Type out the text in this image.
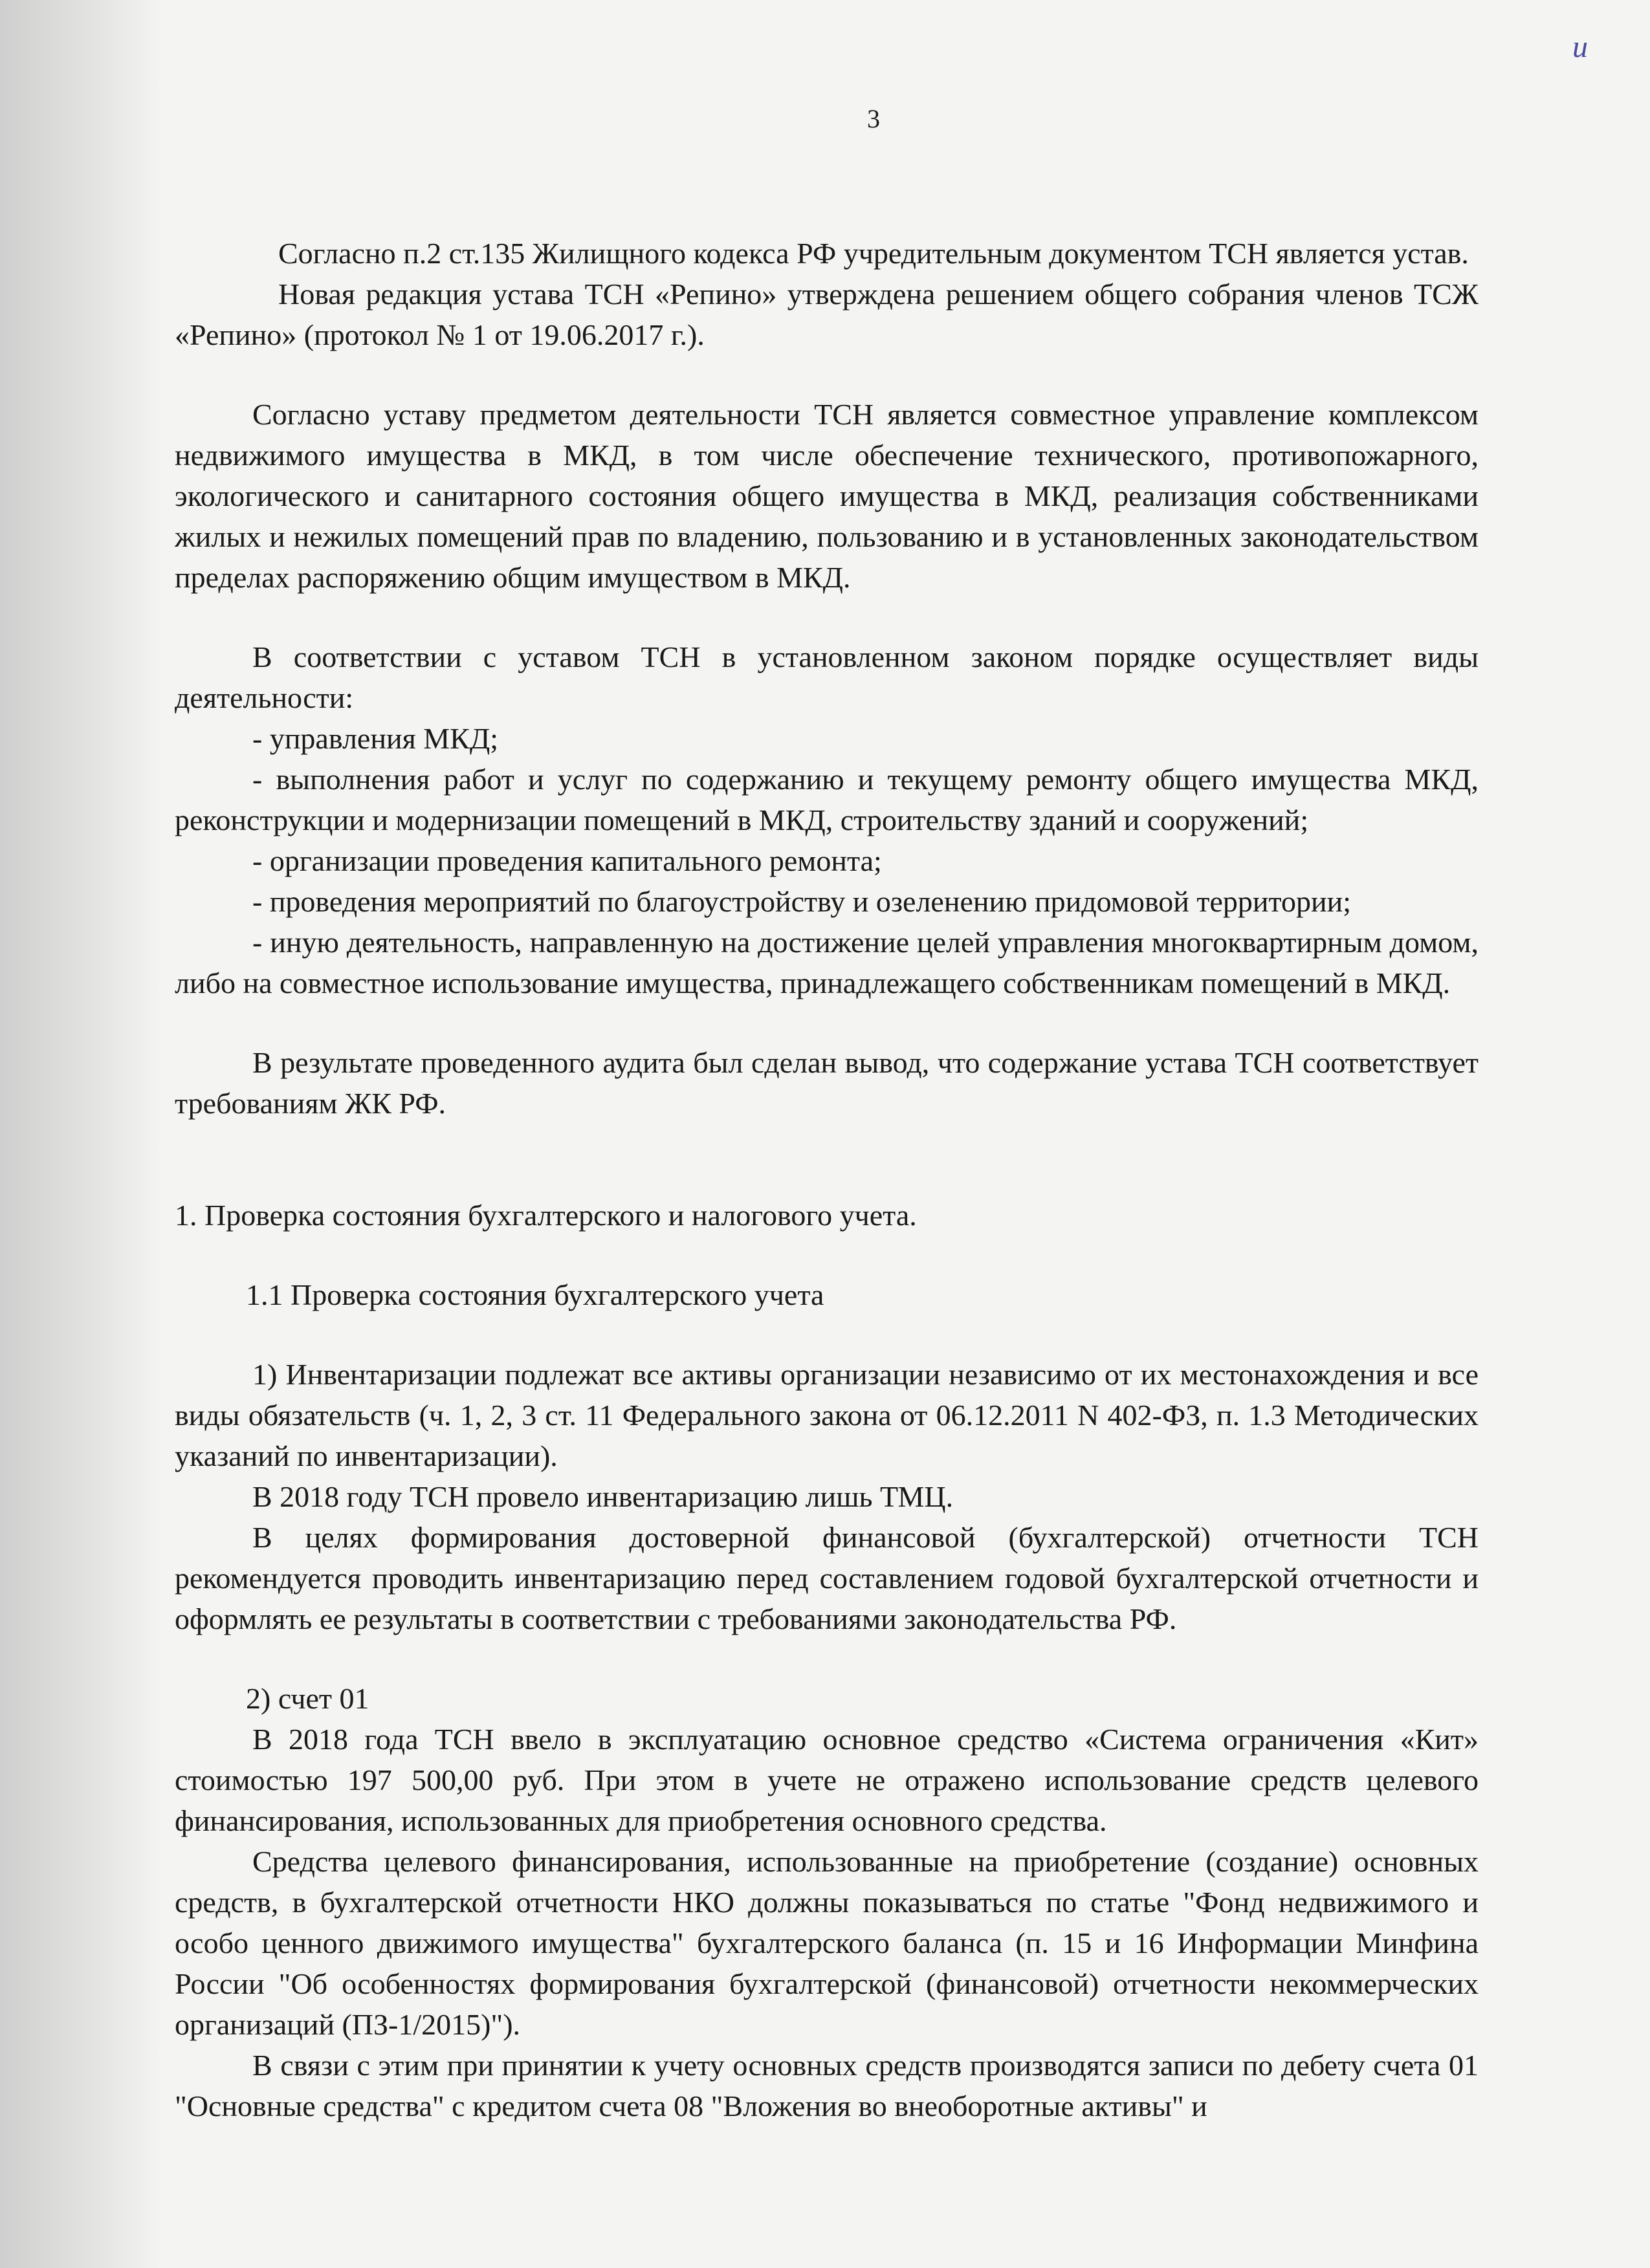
и
3

Согласно п.2 ст.135 Жилищного кодекса РФ учредительным документом ТСН является устав.

Новая редакция устава ТСН «Репино» утверждена решением общего собрания членов ТСЖ «Репино» (протокол № 1 от 19.06.2017 г.).

Согласно уставу предметом деятельности ТСН является совместное управление комплексом недвижимого имущества в МКД, в том числе обеспечение технического, противопожарного, экологического и санитарного состояния общего имущества в МКД, реализация собственниками жилых и нежилых помещений прав по владению, пользованию и в установленных законодательством пределах распоряжению общим имуществом в МКД.

В соответствии с уставом ТСН в установленном законом порядке осуществляет виды деятельности:

- управления МКД;

- выполнения работ и услуг по содержанию и текущему ремонту общего имущества МКД, реконструкции и модернизации помещений в МКД, строительству зданий и сооружений;

- организации проведения капитального ремонта;

- проведения мероприятий по благоустройству и озеленению придомовой территории;

- иную деятельность, направленную на достижение целей управления многоквартирным домом, либо на совместное использование имущества, принадлежащего собственникам помещений в МКД.

В результате проведенного аудита был сделан вывод, что содержание устава ТСН соответствует требованиям ЖК РФ.

1. Проверка состояния бухгалтерского и налогового учета.

1.1 Проверка состояния бухгалтерского учета

1) Инвентаризации подлежат все активы организации независимо от их местонахождения и все виды обязательств (ч. 1, 2, 3 ст. 11 Федерального закона от 06.12.2011 N 402-ФЗ, п. 1.3 Методических указаний по инвентаризации).

В 2018 году ТСН провело инвентаризацию лишь ТМЦ.

В целях формирования достоверной финансовой (бухгалтерской) отчетности ТСН рекомендуется проводить инвентаризацию перед составлением годовой бухгалтерской отчетности и оформлять ее результаты в соответствии с требованиями законодательства РФ.

2) счет 01

В 2018 года ТСН ввело в эксплуатацию основное средство «Система ограничения «Кит» стоимостью 197 500,00 руб. При этом в учете не отражено использование средств целевого финансирования, использованных для приобретения основного средства.

Средства целевого финансирования, использованные на приобретение (создание) основных средств, в бухгалтерской отчетности НКО должны показываться по статье "Фонд недвижимого и особо ценного движимого имущества" бухгалтерского баланса (п. 15 и 16 Информации Минфина России "Об особенностях формирования бухгалтерской (финансовой) отчетности некоммерческих организаций (ПЗ-1/2015)").

В связи с этим при принятии к учету основных средств производятся записи по дебету счета 01 "Основные средства" с кредитом счета 08 "Вложения во внеоборотные активы" и
